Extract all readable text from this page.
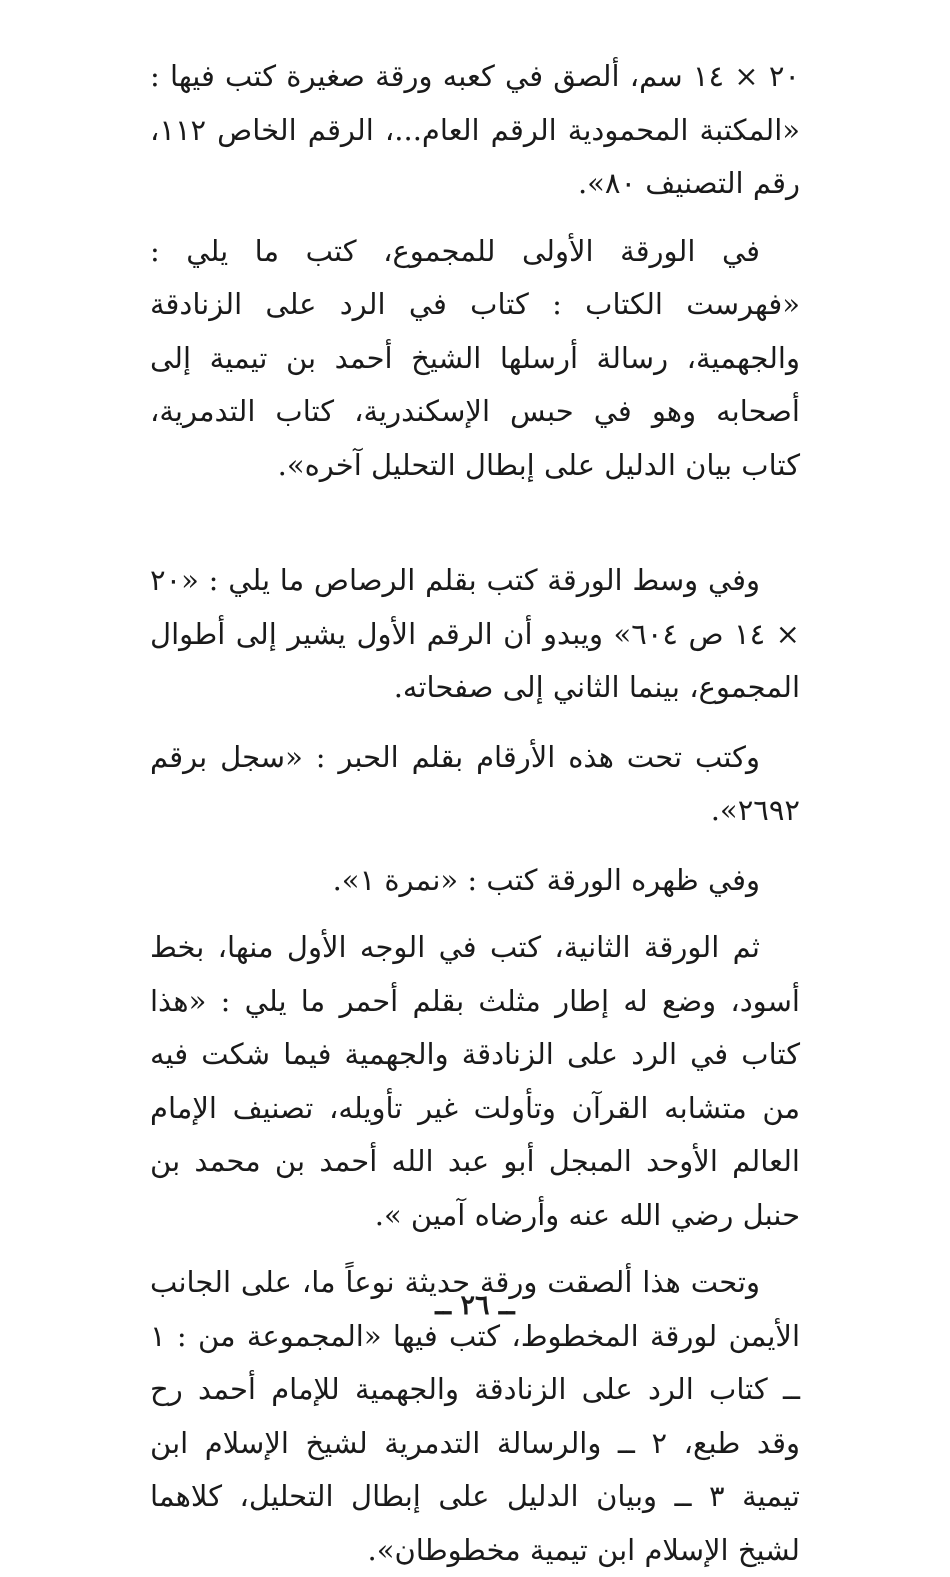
٢٠ × ١٤ سم، ألصق في كعبه ورقة صغيرة كتب فيها : «المكتبة المحمودية الرقم العام...، الرقم الخاص ١١٢، رقم التصنيف ٨٠».

في الورقة الأولى للمجموع، كتب ما يلي : «فهرست الكتاب : كتاب في الرد على الزنادقة والجهمية، رسالة أرسلها الشيخ أحمد بن تيمية إلى أصحابه وهو في حبس الإسكندرية، كتاب التدمرية، كتاب بيان الدليل على إبطال التحليل آخره».

وفي وسط الورقة كتب بقلم الرصاص ما يلي : «٢٠ × ١٤ ص ٦٠٤» ويبدو أن الرقم الأول يشير إلى أطوال المجموع، بينما الثاني إلى صفحاته.

وكتب تحت هذه الأرقام بقلم الحبر : «سجل برقم ٢٦٩٢».

وفي ظهره الورقة كتب : «نمرة ١».

ثم الورقة الثانية، كتب في الوجه الأول منها، بخط أسود، وضع له إطار مثلث بقلم أحمر ما يلي : «هذا كتاب في الرد على الزنادقة والجهمية فيما شكت فيه من متشابه القرآن وتأولت غير تأويله، تصنيف الإمام العالم الأوحد المبجل أبو عبد الله أحمد بن محمد بن حنبل رضي الله عنه وأرضاه آمين ».

وتحت هذا ألصقت ورقة حديثة نوعاً ما، على الجانب الأيمن لورقة المخطوط، كتب فيها «المجموعة من : ١ ــ كتاب الرد على الزنادقة والجهمية للإمام أحمد رح وقد طبع، ٢ ــ والرسالة التدمرية لشيخ الإسلام ابن تيمية ٣ ــ وبيان الدليل على إبطال التحليل، كلاهما لشيخ الإسلام ابن تيمية مخطوطان».

ــ ٢٦ ــ
